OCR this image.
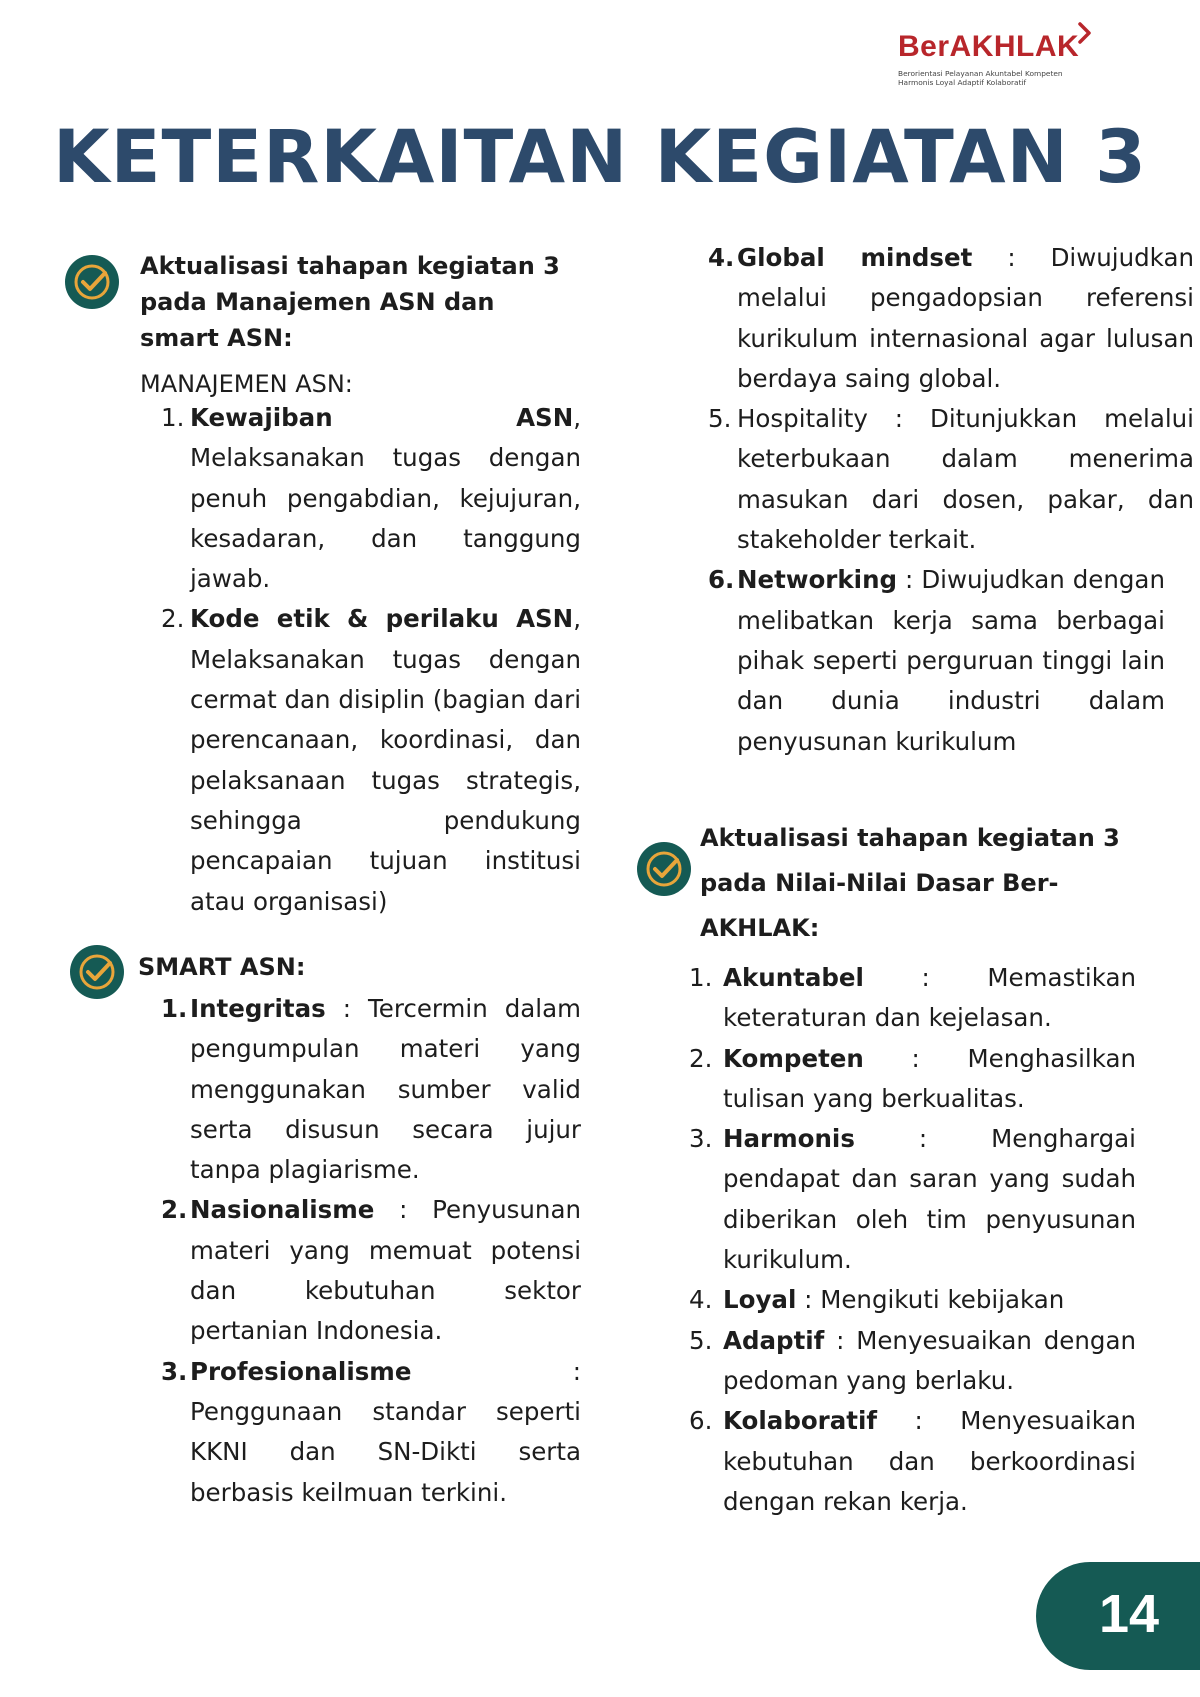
BerAKHLAK
Berorientasi Pelayanan Akuntabel Kompeten
Harmonis Loyal Adaptif Kolaboratif
KETERKAITAN KEGIATAN 3
Aktualisasi tahapan kegiatan 3 pada Manajemen ASN dan smart ASN:
MANAJEMEN ASN:
1. Kewajiban ASN, Melaksanakan tugas dengan penuh pengabdian, kejujuran, kesadaran, dan tanggung jawab.
2. Kode etik & perilaku ASN, Melaksanakan tugas dengan cermat dan disiplin (bagian dari perencanaan, koordinasi, dan pelaksanaan tugas strategis, sehingga pendukung pencapaian tujuan institusi atau organisasi)
SMART ASN:
1. Integritas : Tercermin dalam pengumpulan materi yang menggunakan sumber valid serta disusun secara jujur tanpa plagiarisme.
2. Nasionalisme : Penyusunan materi yang memuat potensi dan kebutuhan sektor pertanian Indonesia.
3. Profesionalisme : Penggunaan standar seperti KKNI dan SN-Dikti serta berbasis keilmuan terkini.
4. Global mindset : Diwujudkan melalui pengadopsian referensi kurikulum internasional agar lulusan berdaya saing global.
5. Hospitality : Ditunjukkan melalui keterbukaan dalam menerima masukan dari dosen, pakar, dan stakeholder terkait.
6. Networking : Diwujudkan dengan melibatkan kerja sama berbagai pihak seperti perguruan tinggi lain dan dunia industri dalam penyusunan kurikulum
Aktualisasi tahapan kegiatan 3 pada Nilai-Nilai Dasar Ber-AKHLAK:
1. Akuntabel : Memastikan keteraturan dan kejelasan.
2. Kompeten : Menghasilkan tulisan yang berkualitas.
3. Harmonis : Menghargai pendapat dan saran yang sudah diberikan oleh tim penyusunan kurikulum.
4. Loyal : Mengikuti kebijakan
5. Adaptif : Menyesuaikan dengan pedoman yang berlaku.
6. Kolaboratif : Menyesuaikan kebutuhan dan berkoordinasi dengan rekan kerja.
14
